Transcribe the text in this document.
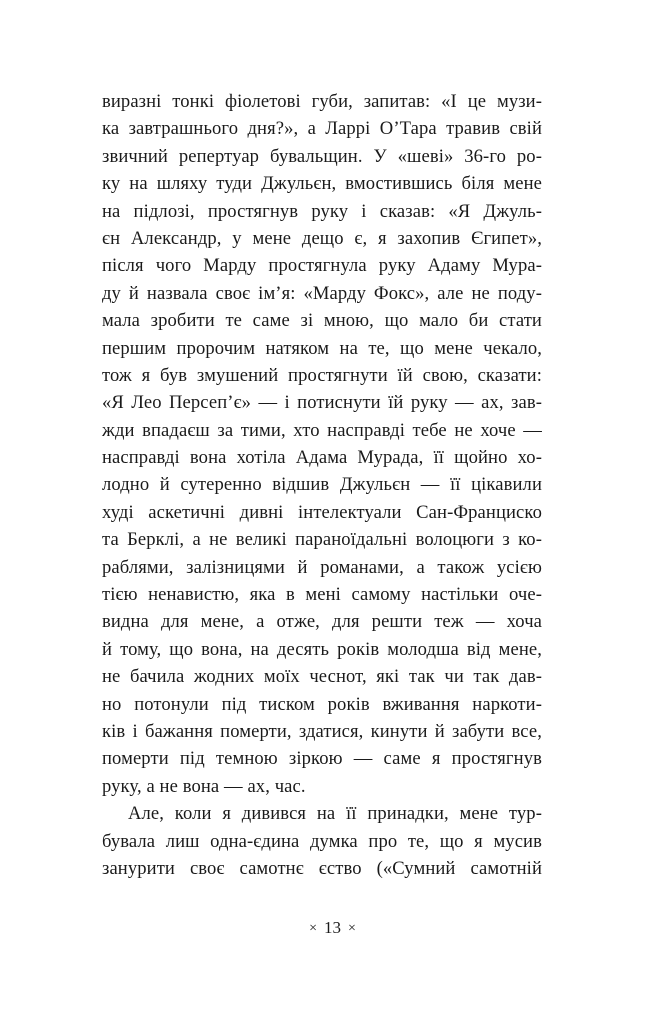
виразні тонкі фіолетові губи, запитав: «І це музи-
ка завтрашнього дня?», а Ларрі О’Тара травив свій
звичний репертуар бувальщин. У «шеві» 36-го ро-
ку на шляху туди Джульєн, вмостившись біля мене
на підлозі, простягнув руку і сказав: «Я Джуль-
єн Александр, у мене дещо є, я захопив Єгипет»,
після чого Марду простягнула руку Адаму Мура-
ду й назвала своє ім’я: «Марду Фокс», але не поду-
мала зробити те саме зі мною, що мало би стати
першим пророчим натяком на те, що мене чекало,
тож я був змушений простягнути їй свою, сказати:
«Я Лео Персеп’є» — і потиснути їй руку — ах, зав-
жди впадаєш за тими, хто насправді тебе не хоче —
насправді вона хотіла Адама Мурада, її щойно хо-
лодно й сутеренно відшив Джульєн — її цікавили
худі аскетичні дивні інтелектуали Сан-Франциско
та Берклі, а не великі параноїдальні волоцюги з ко-
раблями, залізницями й романами, а також усією
тією ненавистю, яка в мені самому настільки оче-
видна для мене, а отже, для решти теж — хоча
й тому, що вона, на десять років молодша від мене,
не бачила жодних моїх чеснот, які так чи так дав-
но потонули під тиском років вживання наркоти-
ків і бажання померти, здатися, кинути й забути все,
померти під темною зіркою — саме я простягнув
руку, а не вона — ах, час.
Але, коли я дивився на її принадки, мене тур-
бувала лиш одна-єдина думка про те, що я мусив
занурити своє самотнє єство («Сумний самотній
× 13 ×
